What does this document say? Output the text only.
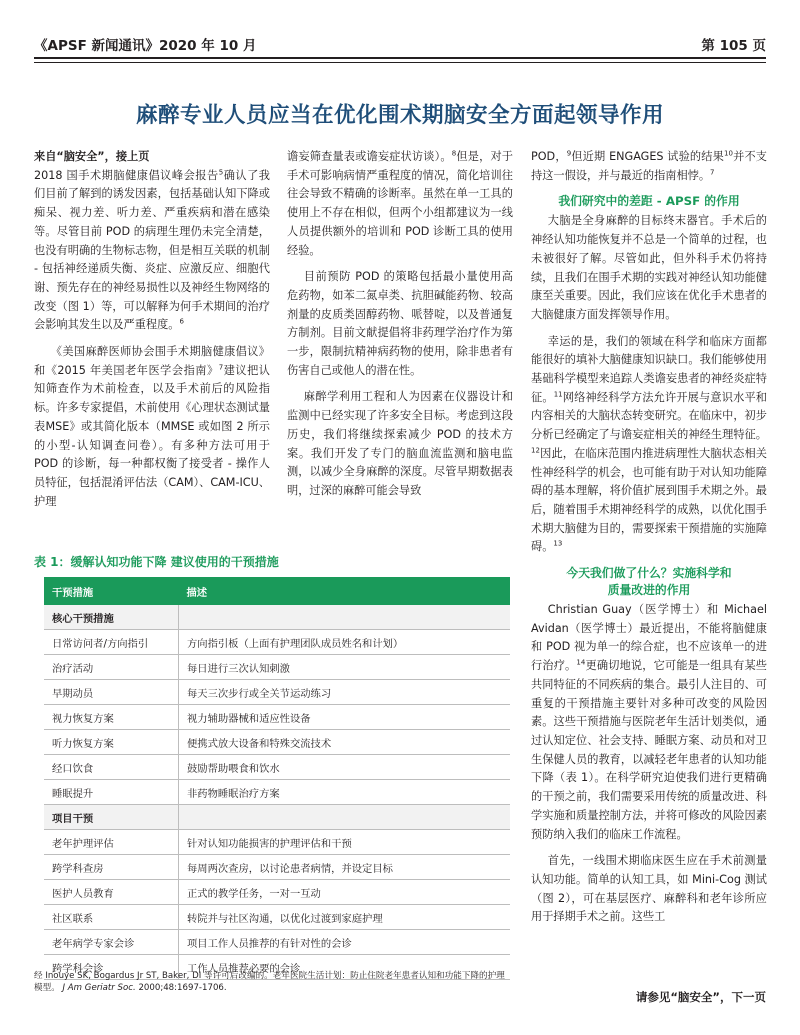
《APSF 新闻通讯》2020 年 10 月	第 105 页
麻醉专业人员应当在优化围术期脑安全方面起领导作用

来自“脑安全”，接上页
2018 国手术期脑健康倡议峰会报告$^5$确认了我们目前了解到的诱发因素，包括基础认知下降或痴呆、视力差、听力差、严重疾病和潜在感染等。尽管目前 POD 的病理生理仍未完全清楚，也没有明确的生物标志物，但是相互关联的机制 - 包括神经递质失衡、炎症、应激反应、细胞代谢、预先存在的神经易损性以及神经生物网络的改变（图 1）等，可以解释为何手术期间的治疗会影响其发生以及严重程度。$^6$

《美国麻醉医师协会围手术期脑健康倡议》和《2015 年美国老年医学会指南》$^7$建议把认知筛查作为术前检查，以及手术前后的风险指标。许多专家提倡，术前使用《心理状态测试量表MSE》或其简化版本（MMSE 或如图 2 所示的小型-认知调查问卷）。有多种方法可用于 POD 的诊断，每一种都权衡了接受者 - 操作人员特征，包括混淆评估法（CAM）、CAM-ICU、护理

谵妄筛查量表或谵妄症状访谈）。$^8$但是，对于手术可影响病情严重程度的情况，简化培训往往会导致不精确的诊断率。虽然在单一工具的使用上不存在相似，但两个小组都建议为一线人员提供额外的培训和 POD 诊断工具的使用经验。

目前预防 POD 的策略包括最小量使用高危药物，如苯二氮卓类、抗胆碱能药物、较高剂量的皮质类固醇药物、哌替啶，以及普通复方制剂。目前文献提倡将非药理学治疗作为第一步，限制抗精神病药物的使用，除非患者有伤害自己或他人的潜在性。

麻醉学利用工程和人为因素在仪器设计和监测中已经实现了许多安全目标。考虑到这段历史，我们将继续探索减少 POD 的技术方案。我们开发了专门的脑血流监测和脑电监测，以减少全身麻醉的深度。尽管早期数据表明，过深的麻醉可能会导致

POD，$^9$但近期 ENGAGES 试验的结果$^{10}$并不支持这一假设，并与最近的指南相悖。$^7$

我们研究中的差距 - APSF 的作用

大脑是全身麻醉的目标终末器官。手术后的神经认知功能恢复并不总是一个简单的过程，也未被很好了解。尽管如此，但外科手术仍将持续，且我们在围手术期的实践对神经认知功能健康至关重要。因此，我们应该在优化手术患者的大脑健康方面发挥领导作用。

幸运的是，我们的领域在科学和临床方面都能很好的填补大脑健康知识缺口。我们能够使用基础科学模型来追踪人类谵妄患者的神经炎症特征。$^{11}$网络神经科学方法允许开展与意识水平和内容相关的大脑状态转变研究。在临床中，初步分析已经确定了与谵妄症相关的神经生理特征。$^{12}$因此，在临床范围内推进病理性大脑状态相关性神经科学的机会，也可能有助于对认知功能障碍的基本理解，将价值扩展到围手术期之外。最后，随着围手术期神经科学的成熟，以优化围手术期大脑健为目的，需要探索干预措施的实施障碍。$^{13}$

今天我们做了什么？实施科学和
质量改进的作用

Christian Guay（医学博士）和 Michael Avidan（医学博士）最近提出，不能将脑健康和 POD 视为单一的综合症，也不应该单一的进行治疗。$^{14}$更确切地说，它可能是一组具有某些共同特征的不同疾病的集合。最引人注目的、可重复的干预措施主要针对多种可改变的风险因素。这些干预措施与医院老年生活计划类似，通过认知定位、社会支持、睡眠方案、动员和对卫生保健人员的教育，以减轻老年患者的认知功能下降（表 1）。在科学研究迫使我们进行更精确的干预之前，我们需要采用传统的质量改进、科学实施和质量控制方法，并将可修改的风险因素预防纳入我们的临床工作流程。

首先，一线围术期临床医生应在手术前测量认知功能。简单的认知工具，如 Mini-Cog 测试（图 2），可在基层医疗、麻醉科和老年诊所应用于择期手术之前。这些工

表 1：缓解认知功能下降 建议使用的干预措施
干预措施	描述
核心干预措施	
日常访问者/方向指引	方向指引板（上面有护理团队成员姓名和计划）
治疗活动	每日进行三次认知刺激
早期动员	每天三次步行或全关节运动练习
视力恢复方案	视力辅助器械和适应性设备
听力恢复方案	便携式放大设备和特殊交流技术
经口饮食	鼓励帮助喂食和饮水
睡眠提升	非药物睡眠治疗方案
项目干预	
老年护理评估	针对认知功能损害的护理评估和干预
跨学科查房	每周两次查房，以讨论患者病情，并设定目标
医护人员教育	正式的教学任务，一对一互动
社区联系	转院并与社区沟通，以优化过渡到家庭护理
老年病学专家会诊	项目工作人员推荐的有针对性的会诊
跨学科会诊	工作人员推荐必要的会诊
经 Inouye SK, Bogardus Jr ST, Baker, DI 等许可后改编的。老年医院生活计划：防止住院老年患者认知和功能下降的护理模型。 J Am Geriatr Soc. 2000;48:1697-1706.
请参见“脑安全”，下一页
